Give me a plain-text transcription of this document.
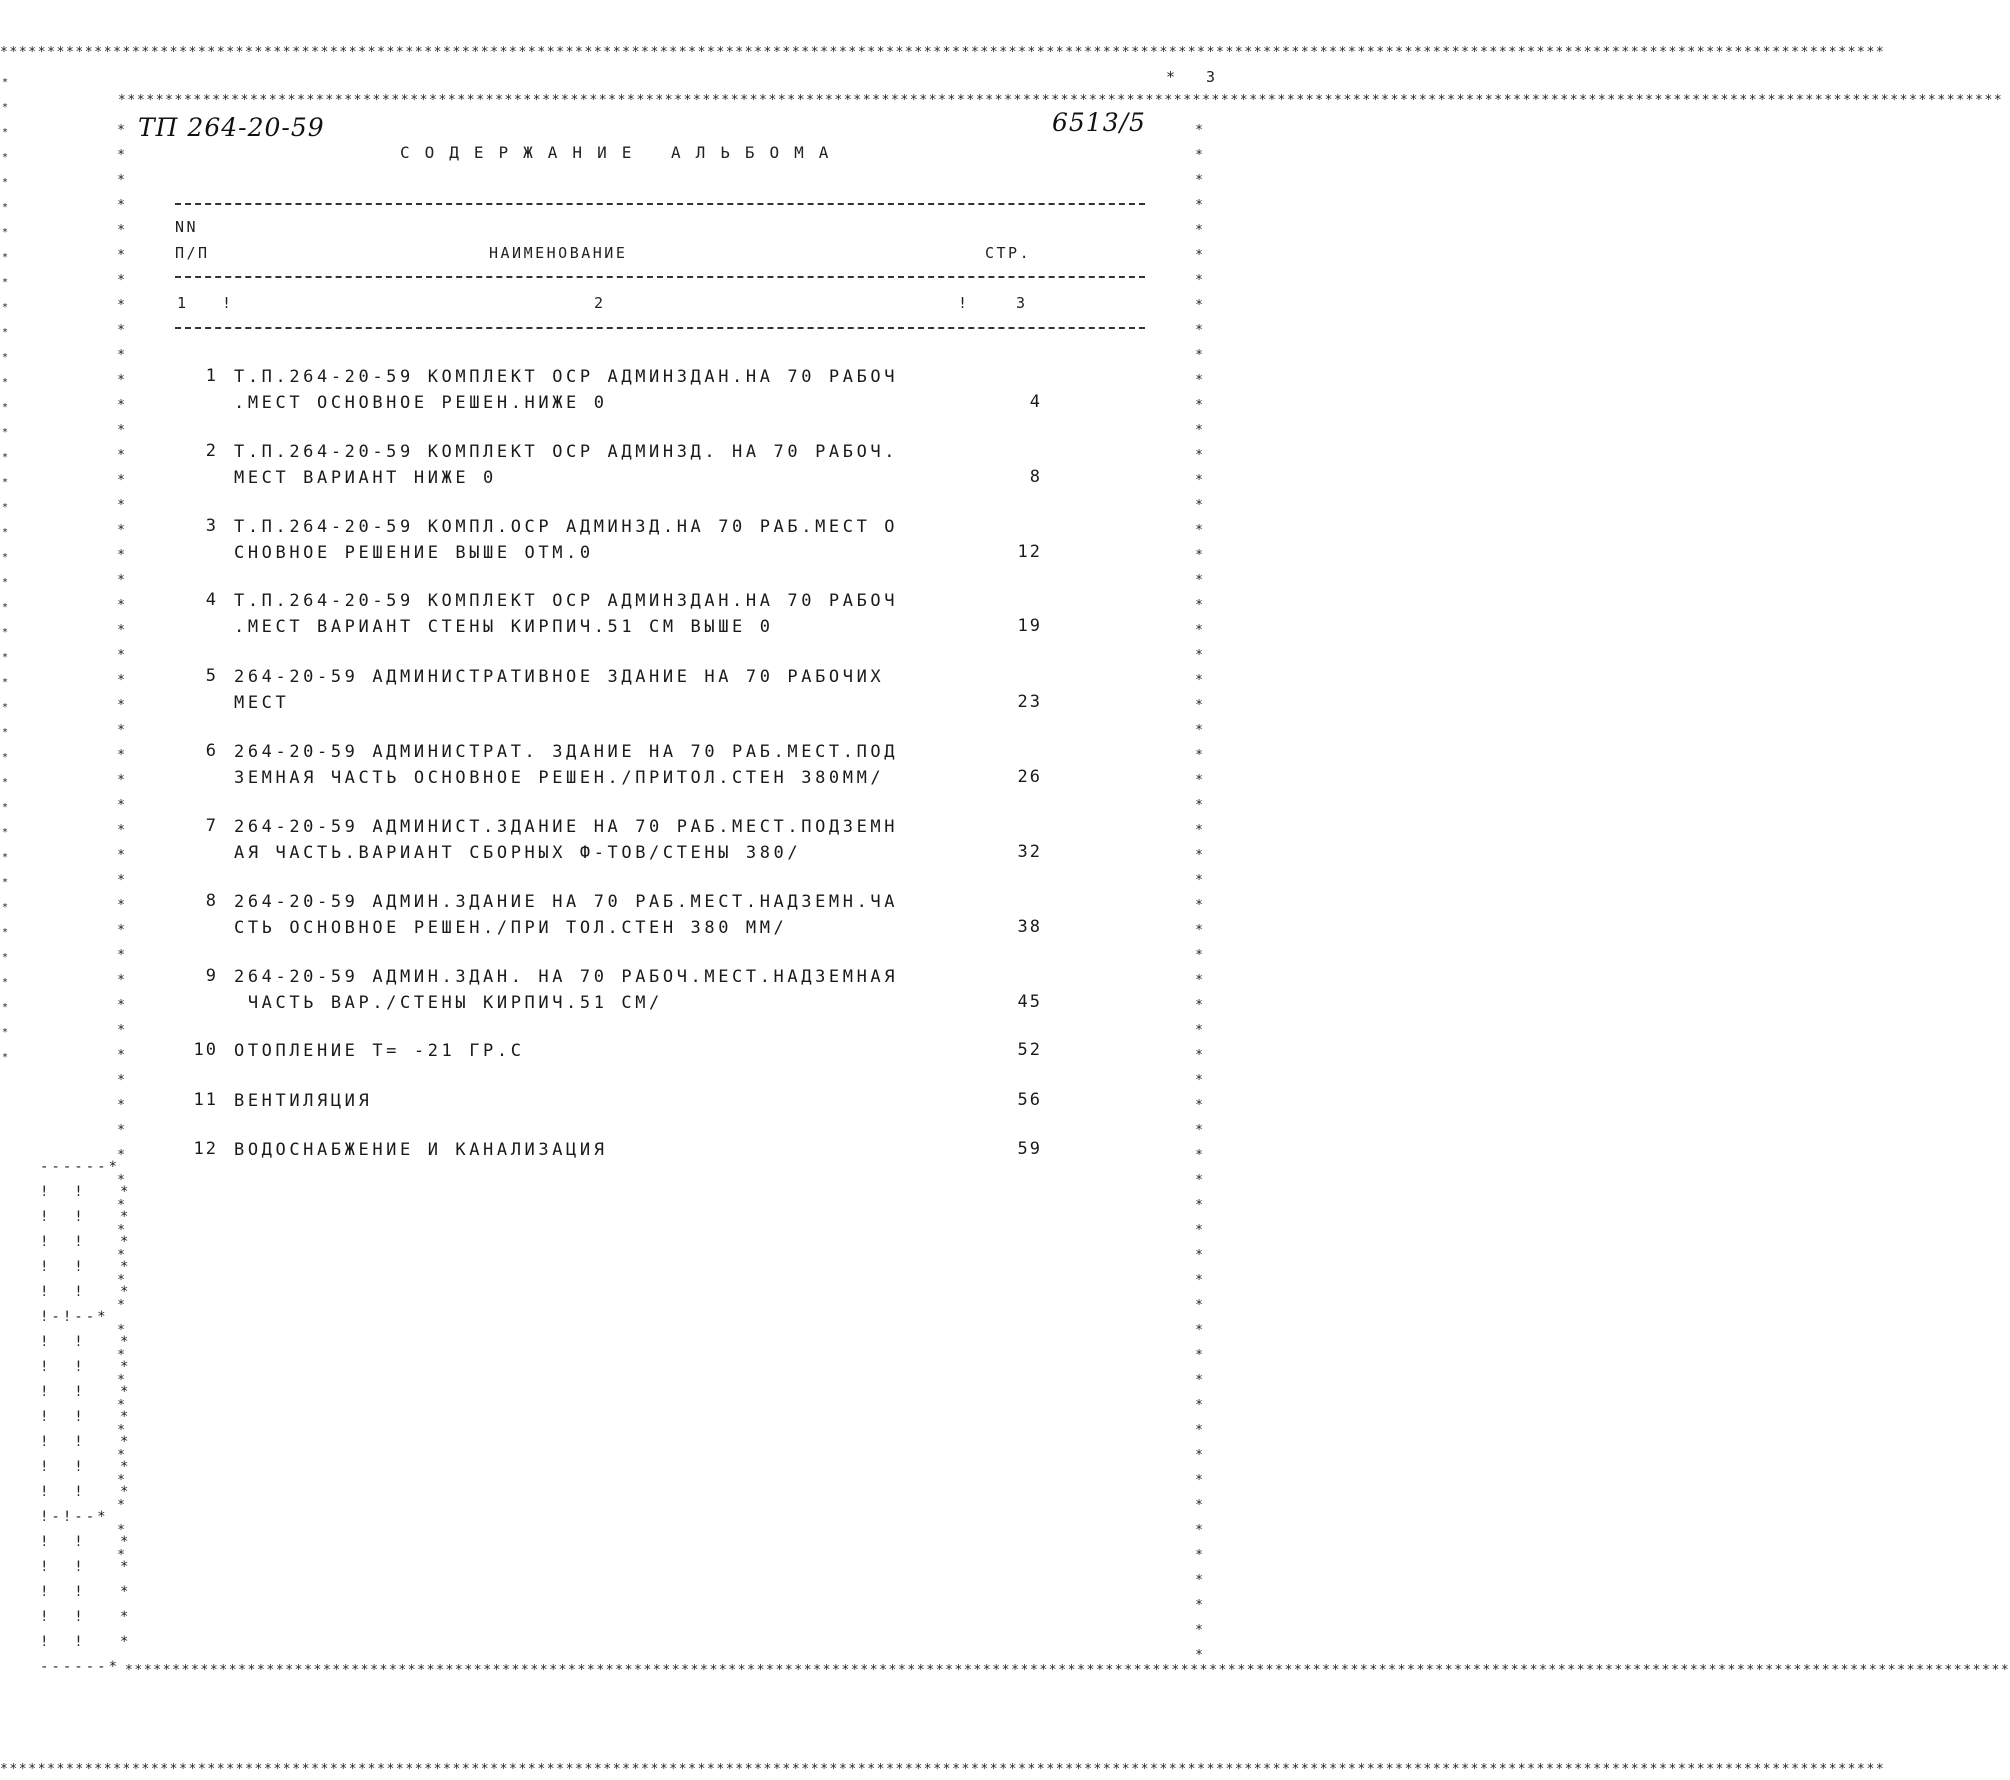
********************************************************************************************************************************************************************************************************
********************************************************************************************************************************************************************************************************
********************************************************************************************************************************************************************************************************
********************************************************************************************************************************************************************************************************
*
*
*
*
*
*
*
*
*
*
*
*
*
*
*
*
*
*
*
*
*
*
*
*
*
*
*
*
*
*
*
*
*
*
*
*
*
*
*
*
*
*
*
*
*
*
*
*
*
*
*
*
*
*
*
*
*
*
*
*
*
*
*
*
*
*
*
*
*
*
*
*
*
*
*
*
*
*
*
*
*
*
*
*
*
*
*
*
*
*
*
*
*
*
*
*
*
*
*
*
*
*
*
*
*
*
*
*
*
*
*
*
*
*
*
*
*
*
*
*
*
*
*
*
*
*
*
*
*
*
*
*
*
*
*
*
*
*
*
*
*
*
*
*
*
*
*
*
*
*
*
*
*
*
*
*
*
*
*
*
3
*
ТП 264-20-59	6513/5
СОДЕРЖАНИЕ АЛЬБОМА
NN
П/П	НАИМЕНОВАНИЕ	СТР.
1 !	2	!	3
1 Т.П.264-20-59 КОМПЛЕКТ ОСР АДМИНЗДАН.НА 70 РАБОЧ
.МЕСТ ОСНОВНОЕ РЕШЕН.НИЖЕ 0	4
2 Т.П.264-20-59 КОМПЛЕКТ ОСР АДМИНЗД. НА 70 РАБОЧ.
МЕСТ ВАРИАНТ НИЖЕ 0	8
3 Т.П.264-20-59 КОМПЛ.ОСР АДМИНЗД.НА 70 РАБ.МЕСТ О
СНОВНОЕ РЕШЕНИЕ ВЫШЕ ОТМ.0	12
4 Т.П.264-20-59 КОМПЛЕКТ ОСР АДМИНЗДАН.НА 70 РАБОЧ
.МЕСТ ВАРИАНТ СТЕНЫ КИРПИЧ.51 СМ ВЫШЕ 0	19
5 264-20-59 АДМИНИСТРАТИВНОЕ ЗДАНИЕ НА 70 РАБОЧИХ
МЕСТ	23
6 264-20-59 АДМИНИСТРАТ. ЗДАНИЕ НА 70 РАБ.МЕСТ.ПОД
ЗЕМНАЯ ЧАСТЬ ОСНОВНОЕ РЕШЕН./ПРИТОЛ.СТЕН 380ММ/	26
7 264-20-59 АДМИНИСТ.ЗДАНИЕ НА 70 РАБ.МЕСТ.ПОДЗЕМН
АЯ ЧАСТЬ.ВАРИАНТ СБОРНЫХ Ф-ТОВ/СТЕНЫ 380/	32
8 264-20-59 АДМИН.ЗДАНИЕ НА 70 РАБ.МЕСТ.НАДЗЕМН.ЧА
СТЬ ОСНОВНОЕ РЕШЕН./ПРИ ТОЛ.СТЕН 380 ММ/	38
9 264-20-59 АДМИН.ЗДАН. НА 70 РАБОЧ.МЕСТ.НАДЗЕМНАЯ
ЧАСТЬ ВАР./СТЕНЫ КИРПИЧ.51 СМ/	45
10 ОТОПЛЕНИЕ Т= -21 ГР.С	52
11 ВЕНТИЛЯЦИЯ	56
12 ВОДОСНАБЖЕНИЕ И КАНАЛИЗАЦИЯ	59
------*
!  !   *
!  !   *
!  !   *
!  !   *
!  !   *
!-!--*
!  !   *
!  !   *
!  !   *
!  !   *
!  !   *
!  !   *
!  !   *
!-!--*
!  !   *
!  !   *
!  !   *
!  !   *
!  !   *
------*
